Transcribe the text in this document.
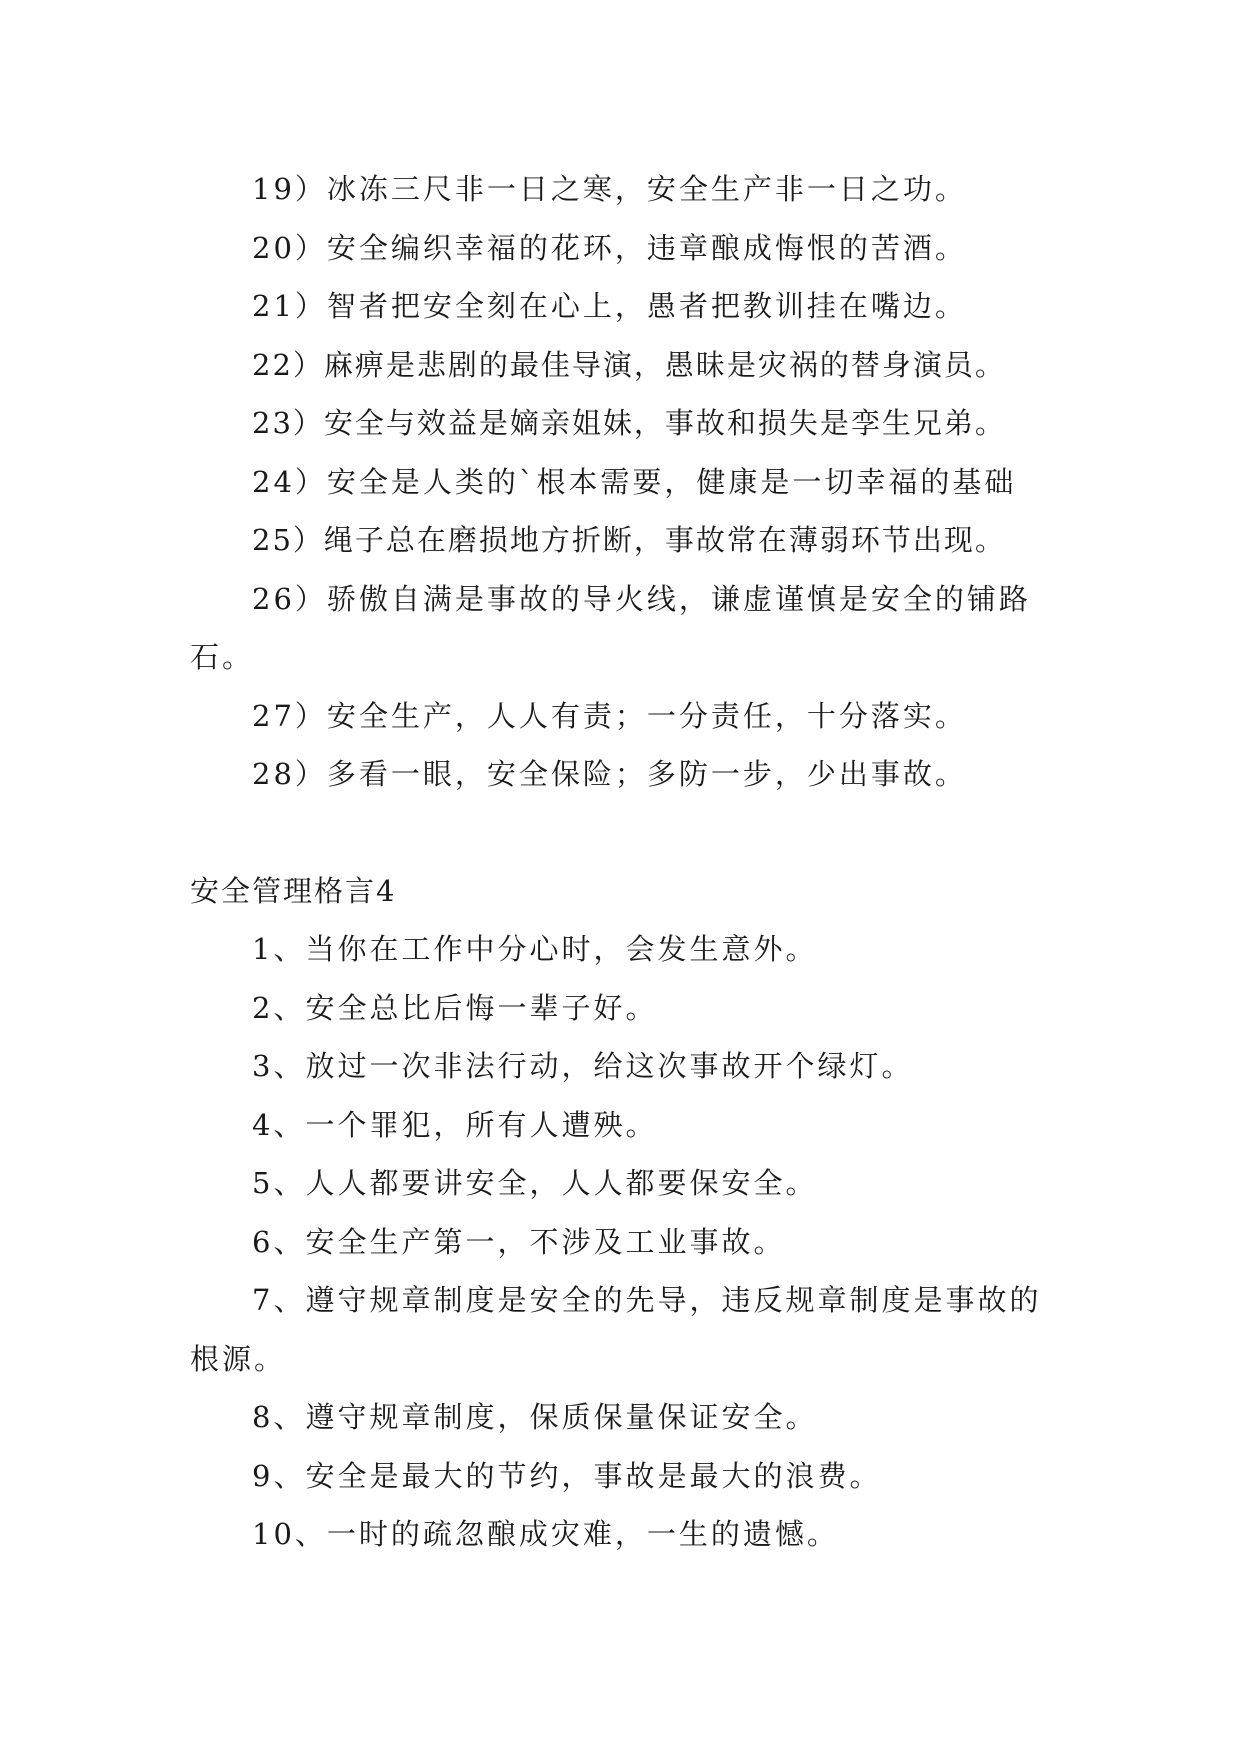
19）冰冻三尺非一日之寒，安全生产非一日之功。
20）安全编织幸福的花环，违章酿成悔恨的苦酒。
21）智者把安全刻在心上，愚者把教训挂在嘴边。
22）麻痹是悲剧的最佳导演，愚昧是灾祸的替身演员。
23）安全与效益是嫡亲姐妹，事故和损失是孪生兄弟。
24）安全是人类的`根本需要，健康是一切幸福的基础
25）绳子总在磨损地方折断，事故常在薄弱环节出现。
26）骄傲自满是事故的导火线，谦虚谨慎是安全的铺路石。
27）安全生产，人人有责；一分责任，十分落实。
28）多看一眼，安全保险；多防一步，少出事故。
安全管理格言4
1、当你在工作中分心时，会发生意外。
2、安全总比后悔一辈子好。
3、放过一次非法行动，给这次事故开个绿灯。
4、一个罪犯，所有人遭殃。
5、人人都要讲安全，人人都要保安全。
6、安全生产第一，不涉及工业事故。
7、遵守规章制度是安全的先导，违反规章制度是事故的根源。
8、遵守规章制度，保质保量保证安全。
9、安全是最大的节约，事故是最大的浪费。
10、一时的疏忽酿成灾难，一生的遗憾。
